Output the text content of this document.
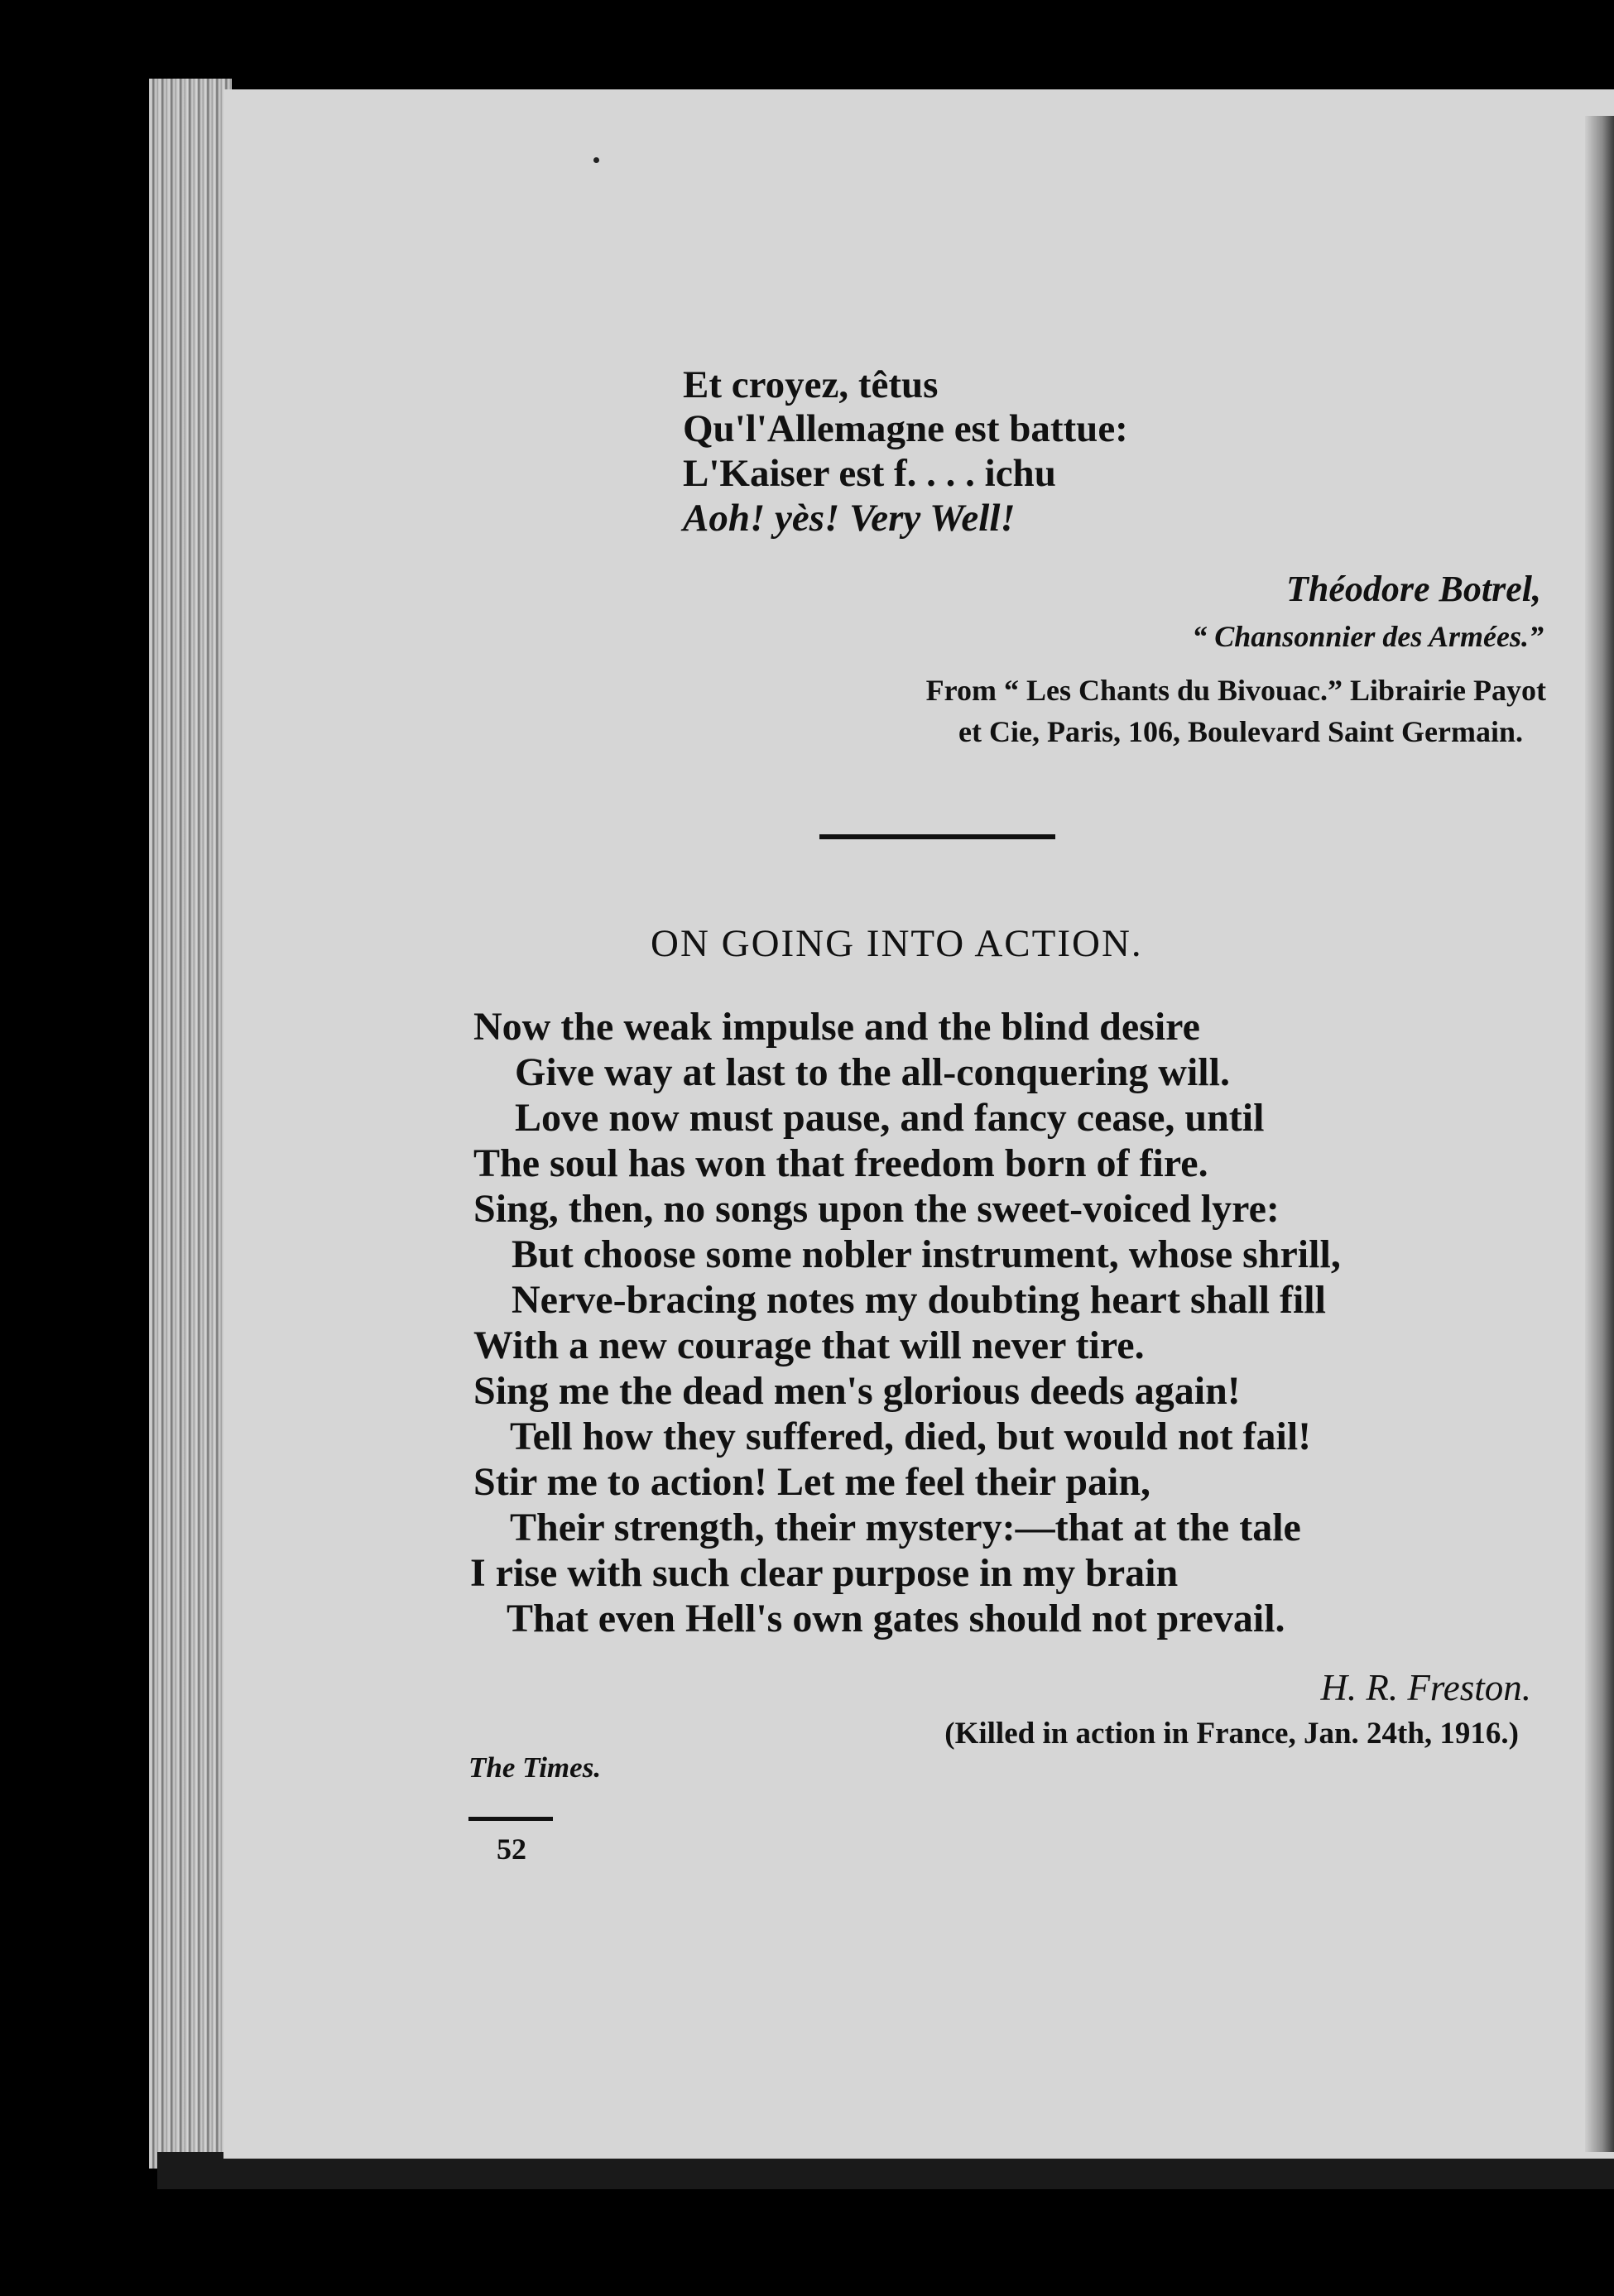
Et croyez, têtus
Qu'l'Allemagne est battue:
L'Kaiser est f. . . . ichu
Aoh! yès! Very Well!
Théodore Botrel,
“ Chansonnier des Armées.”
From “ Les Chants du Bivouac.” Librairie Payot
et Cie, Paris, 106, Boulevard Saint Germain.
ON GOING INTO ACTION.
Now the weak impulse and the blind desire
Give way at last to the all-conquering will.
Love now must pause, and fancy cease, until
The soul has won that freedom born of fire.
Sing, then, no songs upon the sweet-voiced lyre:
But choose some nobler instrument, whose shrill,
Nerve-bracing notes my doubting heart shall fill
With a new courage that will never tire.
Sing me the dead men's glorious deeds again!
Tell how they suffered, died, but would not fail!
Stir me to action! Let me feel their pain,
Their strength, their mystery:—that at the tale
I rise with such clear purpose in my brain
That even Hell's own gates should not prevail.
H. R. Freston.
(Killed in action in France, Jan. 24th, 1916.)
The Times.
52
